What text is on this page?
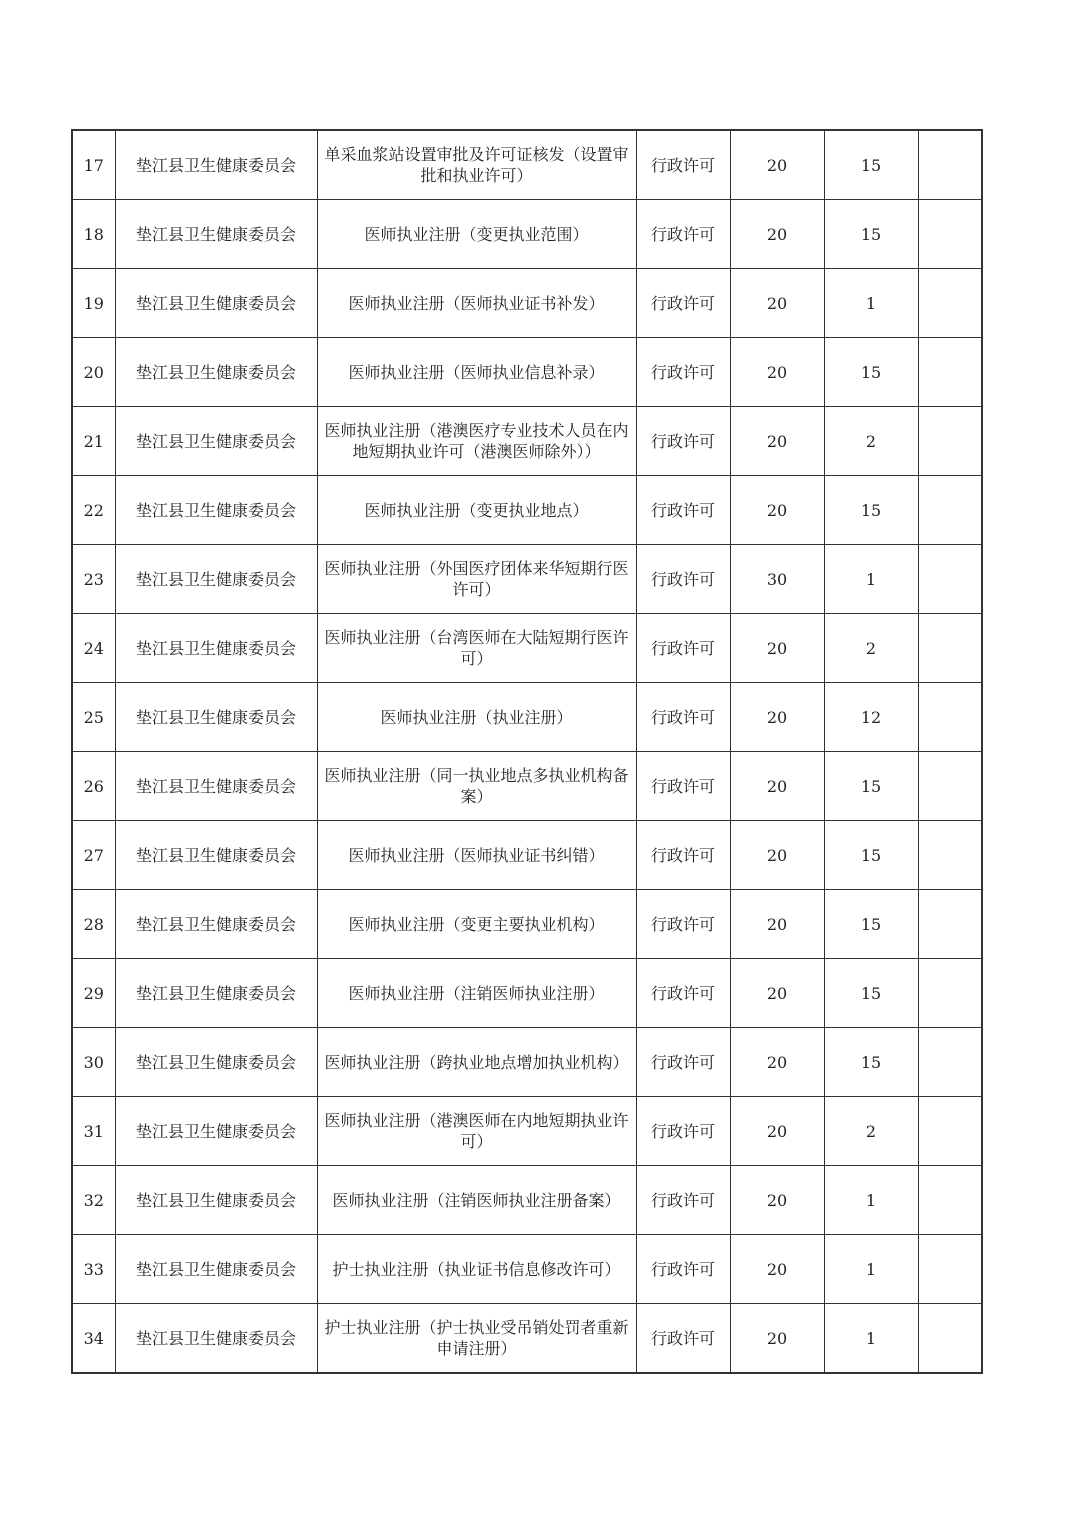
17	垫江县卫生健康委员会	单采血浆站设置审批及许可证核发（设置审批和执业许可）	行政许可	20	15	
18	垫江县卫生健康委员会	医师执业注册（变更执业范围）	行政许可	20	15	
19	垫江县卫生健康委员会	医师执业注册（医师执业证书补发）	行政许可	20	1	
20	垫江县卫生健康委员会	医师执业注册（医师执业信息补录）	行政许可	20	15	
21	垫江县卫生健康委员会	医师执业注册（港澳医疗专业技术人员在内地短期执业许可（港澳医师除外））	行政许可	20	2	
22	垫江县卫生健康委员会	医师执业注册（变更执业地点）	行政许可	20	15	
23	垫江县卫生健康委员会	医师执业注册（外国医疗团体来华短期行医许可）	行政许可	30	1	
24	垫江县卫生健康委员会	医师执业注册（台湾医师在大陆短期行医许可）	行政许可	20	2	
25	垫江县卫生健康委员会	医师执业注册（执业注册）	行政许可	20	12	
26	垫江县卫生健康委员会	医师执业注册（同一执业地点多执业机构备案）	行政许可	20	15	
27	垫江县卫生健康委员会	医师执业注册（医师执业证书纠错）	行政许可	20	15	
28	垫江县卫生健康委员会	医师执业注册（变更主要执业机构）	行政许可	20	15	
29	垫江县卫生健康委员会	医师执业注册（注销医师执业注册）	行政许可	20	15	
30	垫江县卫生健康委员会	医师执业注册（跨执业地点增加执业机构）	行政许可	20	15	
31	垫江县卫生健康委员会	医师执业注册（港澳医师在内地短期执业许可）	行政许可	20	2	
32	垫江县卫生健康委员会	医师执业注册（注销医师执业注册备案）	行政许可	20	1	
33	垫江县卫生健康委员会	护士执业注册（执业证书信息修改许可）	行政许可	20	1	
34	垫江县卫生健康委员会	护士执业注册（护士执业受吊销处罚者重新申请注册）	行政许可	20	1	
